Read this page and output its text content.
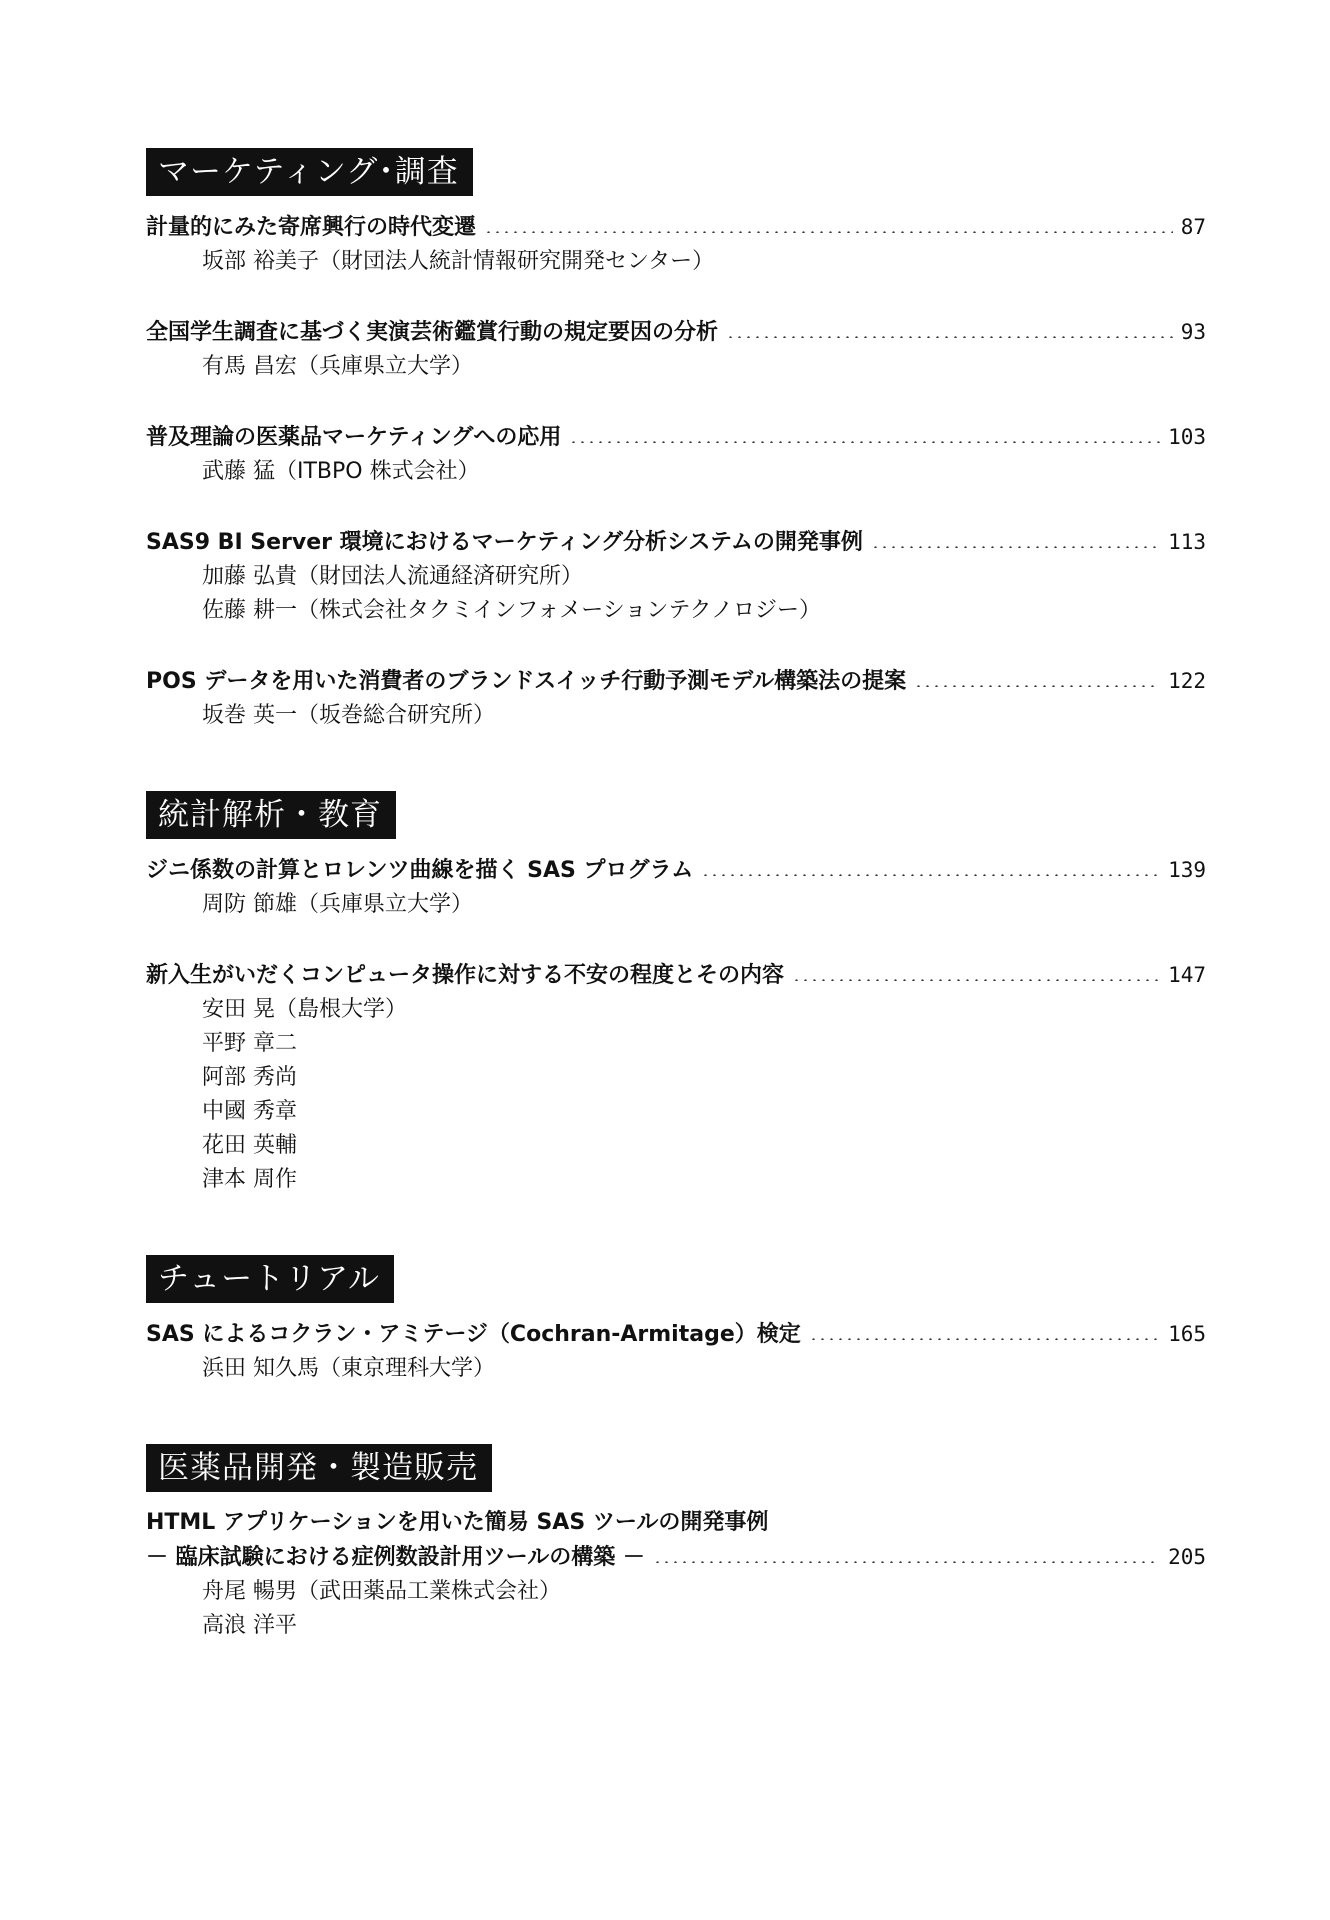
マーケティング･調査
計量的にみた寄席興行の時代変遷	87
坂部 裕美子（財団法人統計情報研究開発センター）
全国学生調査に基づく実演芸術鑑賞行動の規定要因の分析	93
有馬 昌宏（兵庫県立大学）
普及理論の医薬品マーケティングへの応用	103
武藤 猛（ITBPO 株式会社）
SAS9 BI Server 環境におけるマーケティング分析システムの開発事例	113
加藤 弘貴（財団法人流通経済研究所）
佐藤 耕一（株式会社タクミインフォメーションテクノロジー）
POS データを用いた消費者のブランドスイッチ行動予測モデル構築法の提案	122
坂巻 英一（坂巻総合研究所）
統計解析・教育
ジニ係数の計算とロレンツ曲線を描く SAS プログラム	139
周防 節雄（兵庫県立大学）
新入生がいだくコンピュータ操作に対する不安の程度とその内容	147
安田 晃（島根大学）
平野 章二
阿部 秀尚
中國 秀章
花田 英輔
津本 周作
チュートリアル
SAS によるコクラン・アミテージ（Cochran-Armitage）検定	165
浜田 知久馬（東京理科大学）
医薬品開発・製造販売
HTML アプリケーションを用いた簡易 SAS ツールの開発事例
－ 臨床試験における症例数設計用ツールの構築 －	205
舟尾 暢男（武田薬品工業株式会社）
高浪 洋平
